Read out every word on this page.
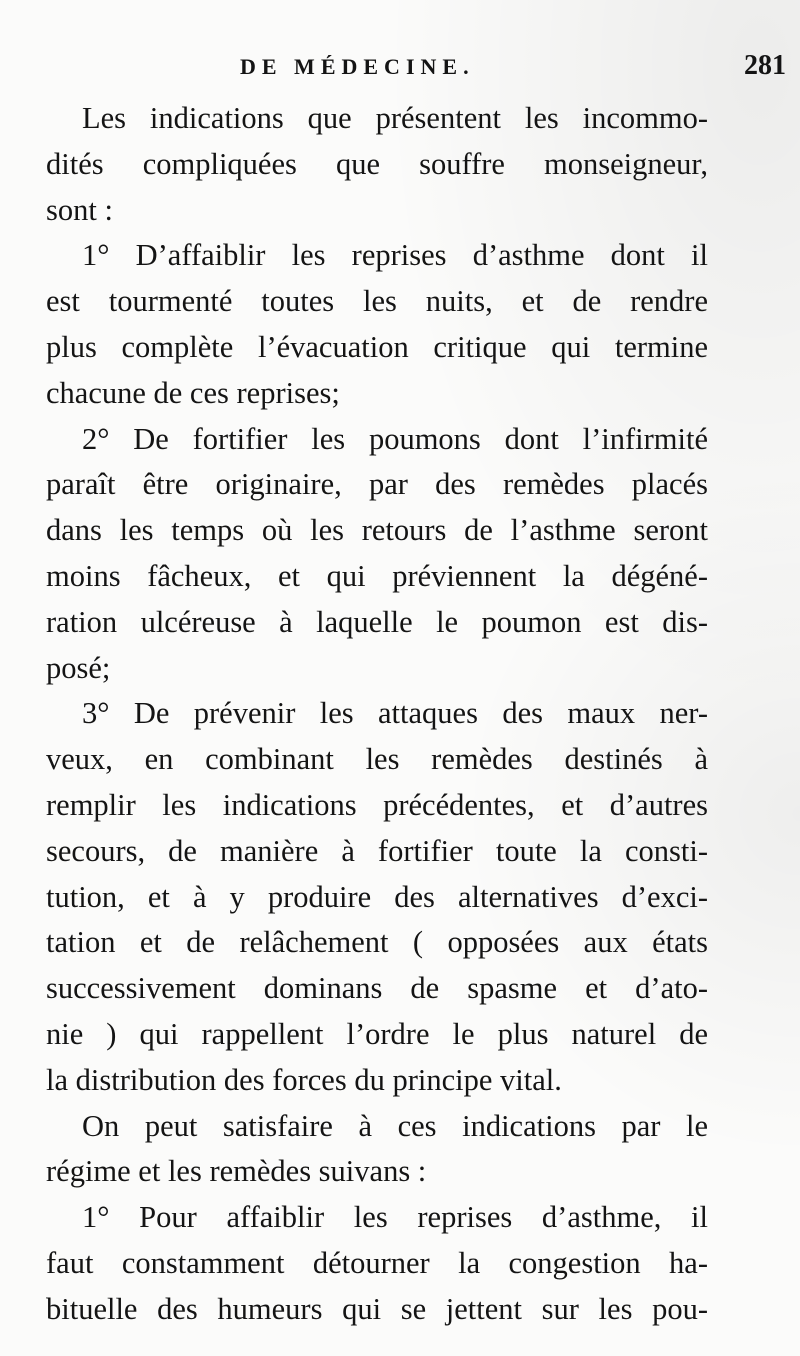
DE MÉDECINE.	281
Les indications que présentent les incommo-
dités compliquées que souffre monseigneur,
sont :
1° D’affaiblir les reprises d’asthme dont il
est tourmenté toutes les nuits, et de rendre
plus complète l’évacuation critique qui termine
chacune de ces reprises;
2° De fortifier les poumons dont l’infirmité
paraît être originaire, par des remèdes placés
dans les temps où les retours de l’asthme seront
moins fâcheux, et qui préviennent la dégéné-
ration ulcéreuse à laquelle le poumon est dis-
posé;
3° De prévenir les attaques des maux ner-
veux, en combinant les remèdes destinés à
remplir les indications précédentes, et d’autres
secours, de manière à fortifier toute la consti-
tution, et à y produire des alternatives d’exci-
tation et de relâchement ( opposées aux états
successivement dominans de spasme et d’ato-
nie ) qui rappellent l’ordre le plus naturel de
la distribution des forces du principe vital.
On peut satisfaire à ces indications par le
régime et les remèdes suivans :
1° Pour affaiblir les reprises d’asthme, il
faut constamment détourner la congestion ha-
bituelle des humeurs qui se jettent sur les pou-
